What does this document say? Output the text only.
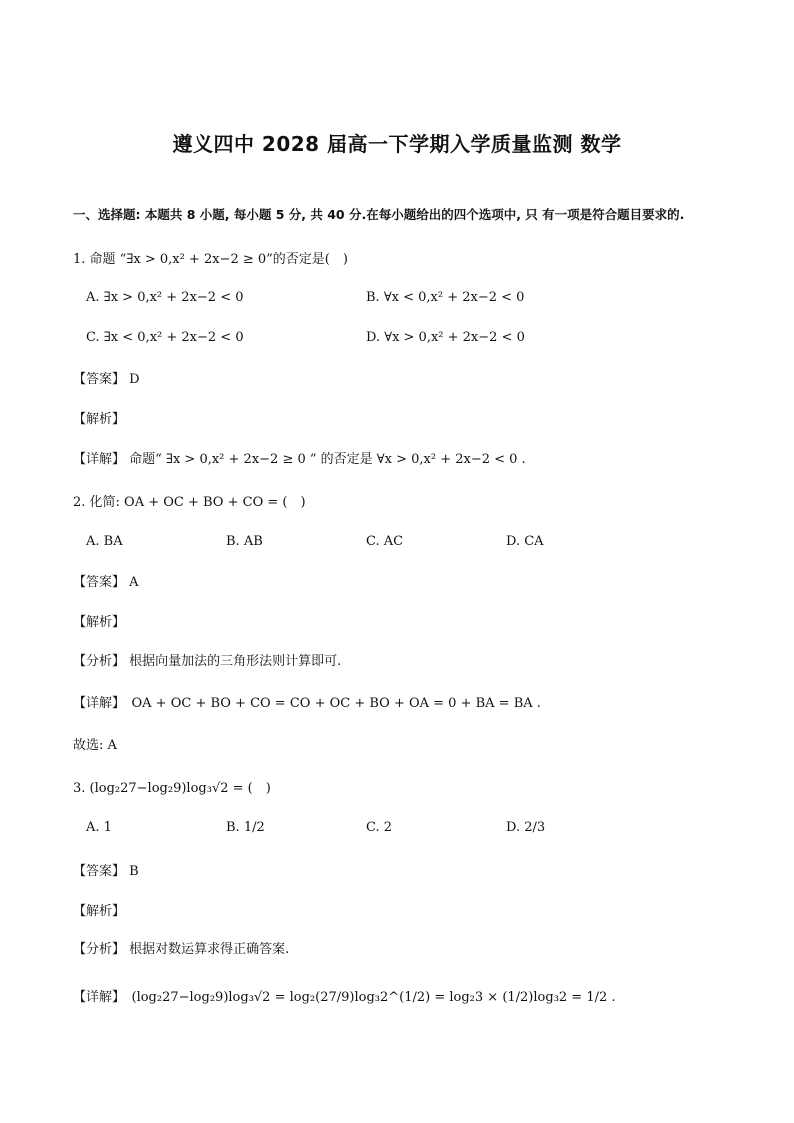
遵义四中 2028 届高一下学期入学质量监测 数学
一、选择题: 本题共 8 小题, 每小题 5 分, 共 40 分.在每小题给出的四个选项中, 只 有一项是符合题目要求的.
1. 命题 “∃x > 0,x² + 2x−2 ≥ 0”的否定是(　)
A. ∃x > 0,x² + 2x−2 < 0	B. ∀x < 0,x² + 2x−2 < 0
C. ∃x < 0,x² + 2x−2 < 0	D. ∀x > 0,x² + 2x−2 < 0
【答案】 D
【解析】
【详解】 命题“ ∃x > 0,x² + 2x−2 ≥ 0 ” 的否定是 ∀x > 0,x² + 2x−2 < 0 .
2. 化简: OA + OC + BO + CO = (　)
A. BA	B. AB	C. AC	D. CA
【答案】 A
【解析】
【分析】 根据向量加法的三角形法则计算即可.
【详解】　OA + OC + BO + CO = CO + OC + BO + OA = 0 + BA = BA .
故选: A
3. (log₂27−log₂9)log₃√2 = (　)
A. 1	B. 1/2	C. 2	D. 2/3
【答案】 B
【解析】
【分析】 根据对数运算求得正确答案.
【详解】　(log₂27−log₂9)log₃√2 = log₂(27/9)log₃2^(1/2) = log₂3 × (1/2)log₃2 = 1/2 .
